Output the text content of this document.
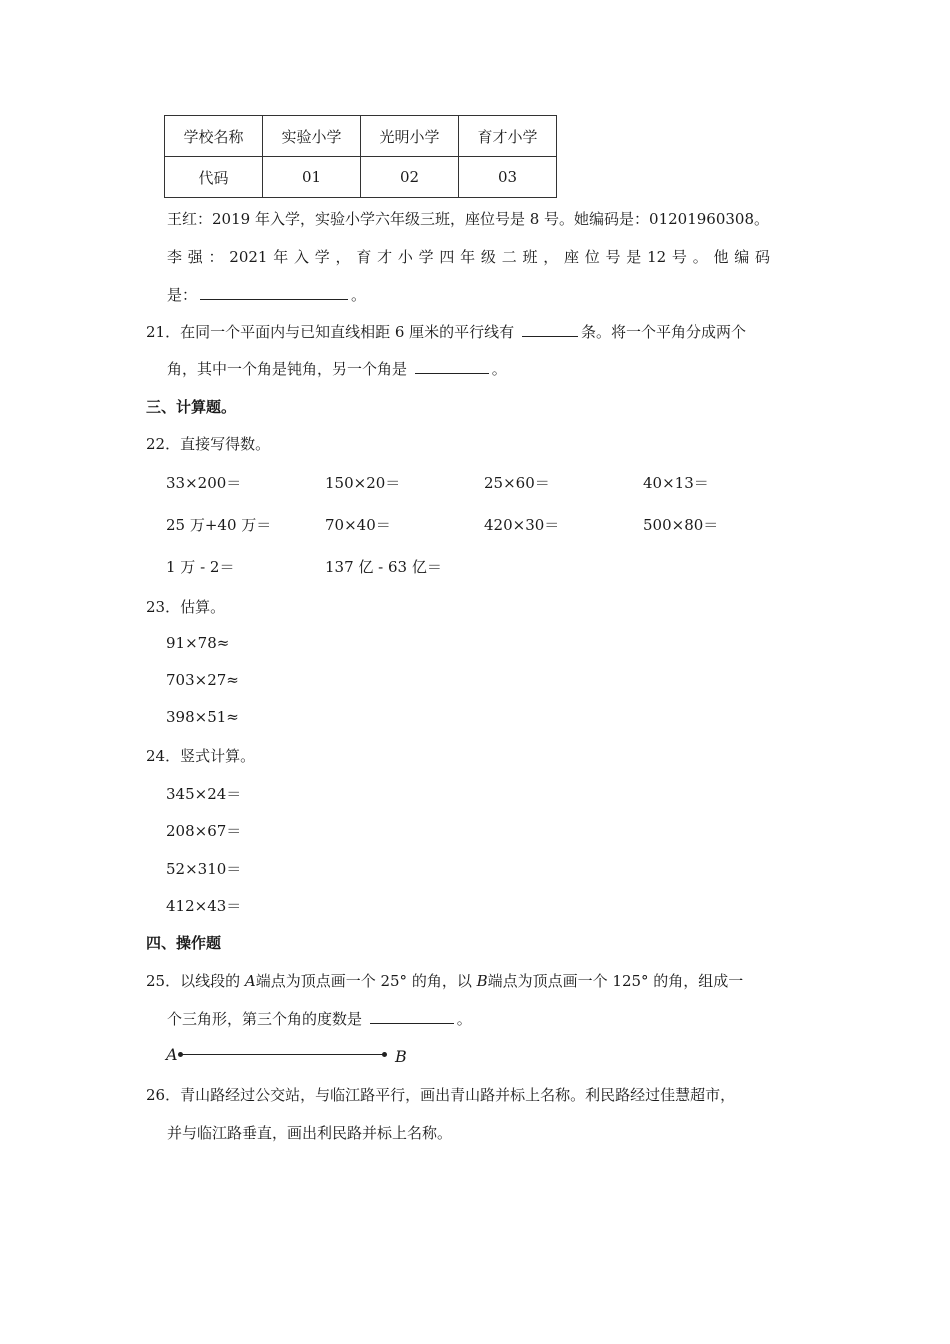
学校名称	实验小学	光明小学	育才小学
代码	01	02	03
王红：2019 年入学，实验小学六年级三班，座位号是 8 号。她编码是：01201960308。
李 强 ： 2021 年 入 学 ， 育 才 小 学 四 年 级 二 班 ， 座 位 号 是 12 号 。 他 编 码
是：	。
21．在同一个平面内与已知直线相距 6 厘米的平行线有	条。将一个平角分成两个
角，其中一个角是钝角，另一个角是	。
三、计算题。
22．直接写得数。
33×200＝	150×20＝	25×60＝	40×13＝
25 万+40 万＝	70×40＝	420×30＝	500×80＝
1 万 - 2＝	137 亿 - 63 亿＝
23．估算。
91×78≈
703×27≈
398×51≈
24．竖式计算。
345×24＝
208×67＝
52×310＝
412×43＝
四、操作题
25．以线段的 A端点为顶点画一个 25° 的角，以 B端点为顶点画一个 125° 的角，组成一
个三角形，第三个角的度数是	。
A	B
26．青山路经过公交站，与临江路平行，画出青山路并标上名称。利民路经过佳慧超市，
并与临江路垂直，画出利民路并标上名称。
